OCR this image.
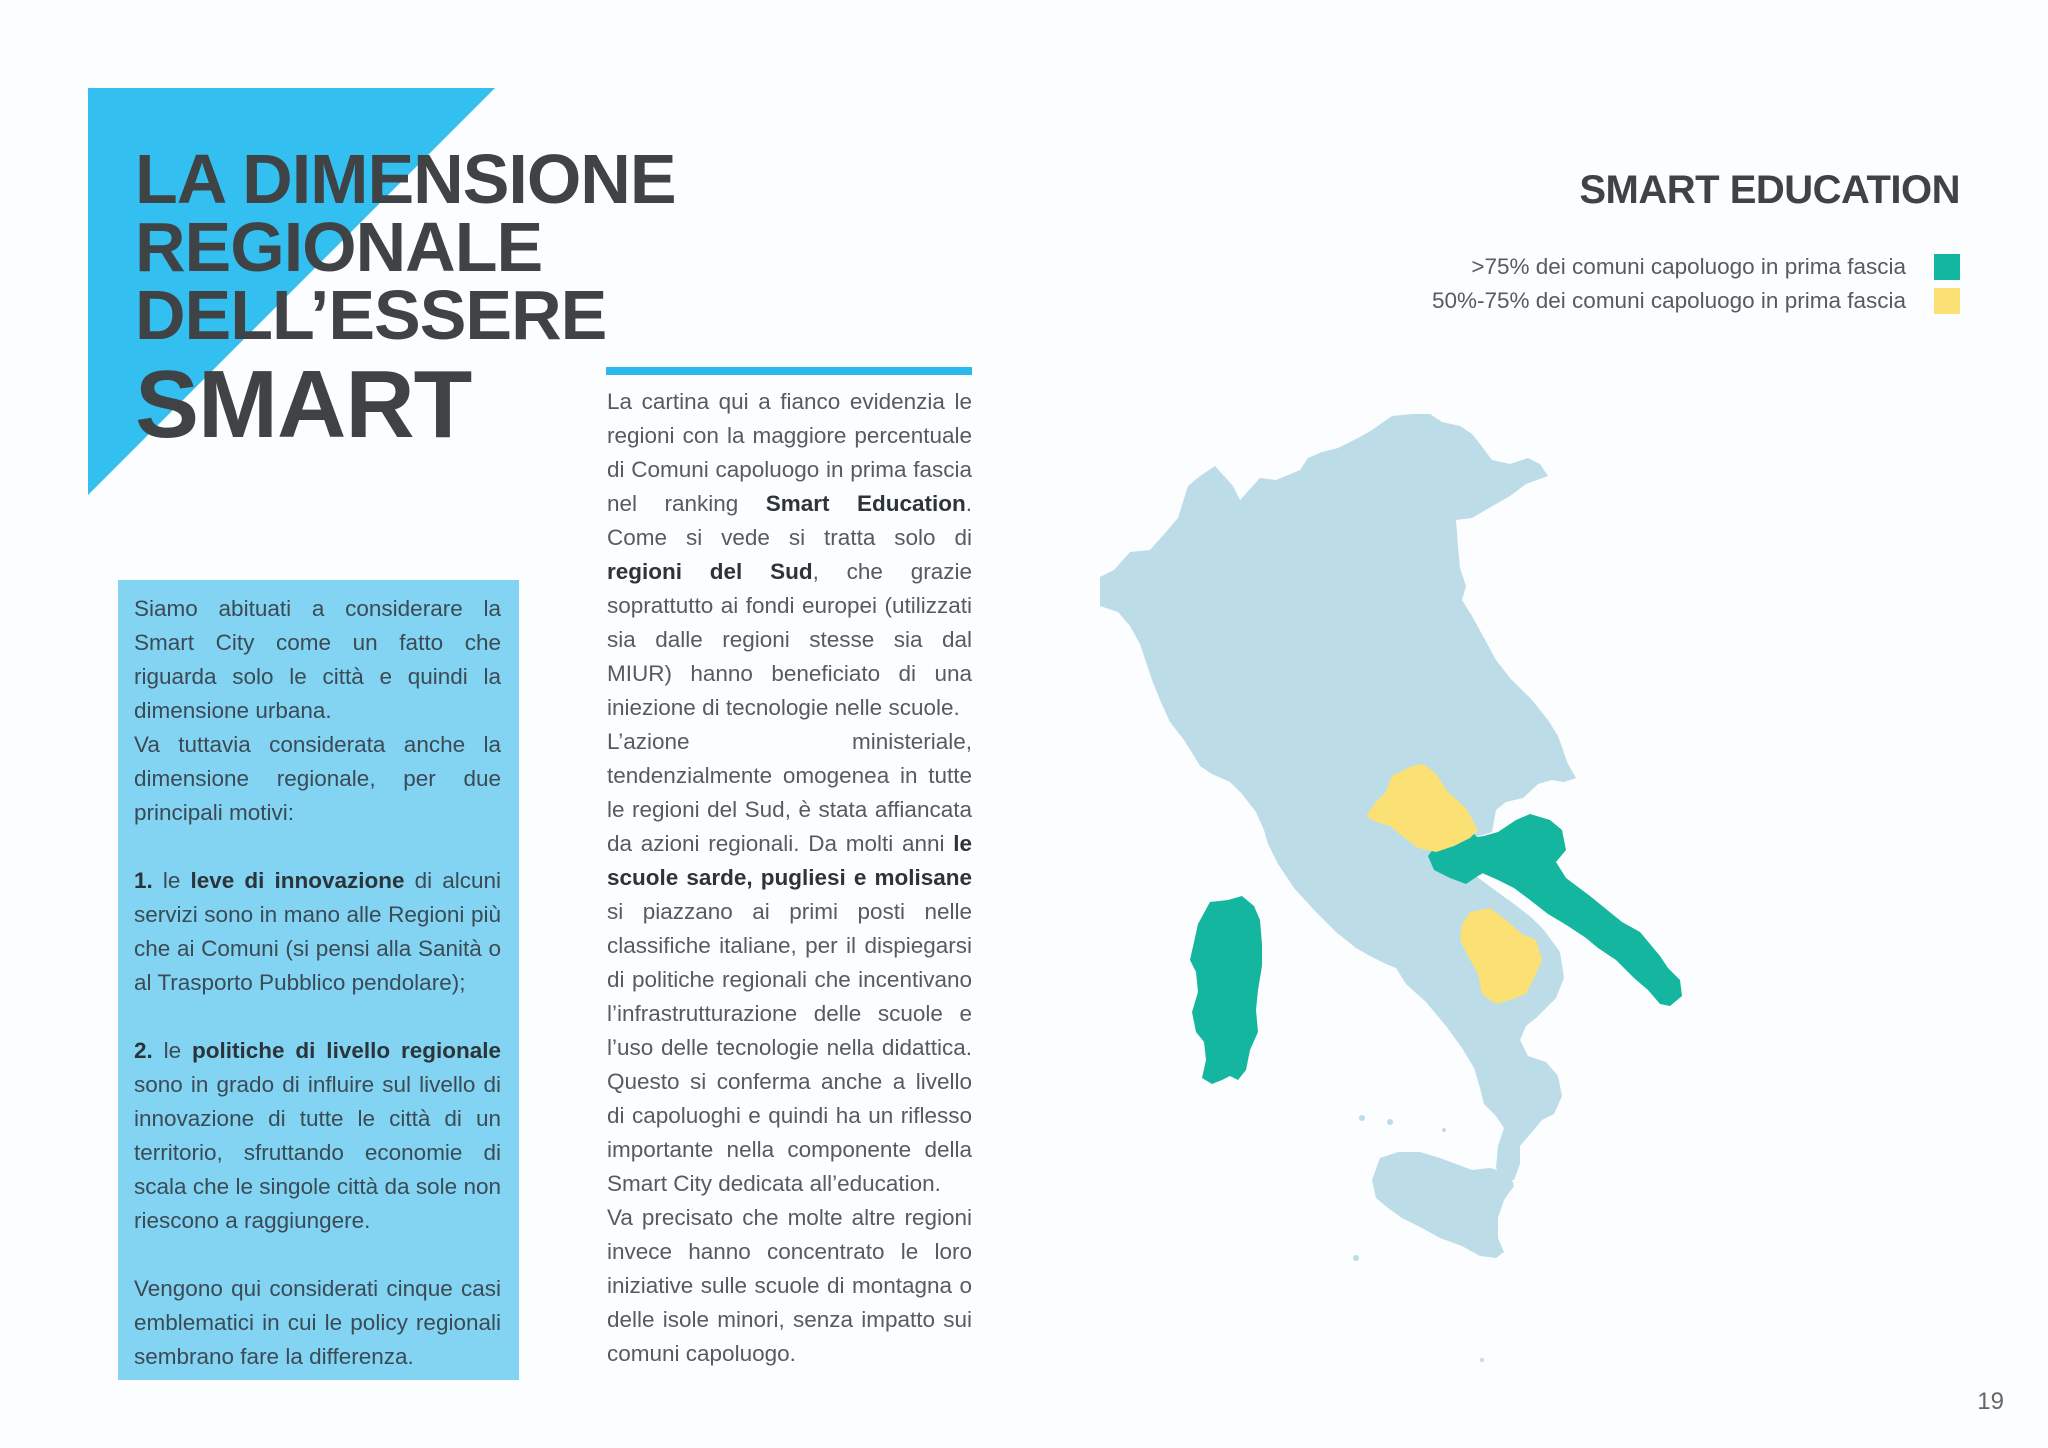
LA DIMENSIONE
REGIONALE
DELL’ESSERE
SMART

Siamo abituati a considerare la Smart City come un fatto che riguarda solo le città e quindi la dimensione urbana.

Va tuttavia considerata anche la dimensione regionale, per due principali motivi:

1. le leve di innovazione di alcuni servizi sono in mano alle Regioni più che ai Comuni (si pensi alla Sanità o al Trasporto Pubblico pendolare);

2. le politiche di livello regionale sono in grado di influire sul livello di innovazione di tutte le città di un territorio, sfruttando economie di scala che le singole città da sole non riescono a raggiungere.

Vengono qui considerati cinque casi emblematici in cui le policy regionali sembrano fare la differenza.

La cartina qui a fianco evidenzia le regioni con la maggiore percentuale di Comuni capoluogo in prima fascia nel ranking Smart Education. Come si vede si tratta solo di regioni del Sud, che grazie soprattutto ai fondi europei (utilizzati sia dalle regioni stesse sia dal MIUR) hanno beneficiato di una iniezione di tecnologie nelle scuole.

L’azione ministeriale, tendenzialmente omogenea in tutte le regioni del Sud, è stata affiancata da azioni regionali. Da molti anni le scuole sarde, pugliesi e molisane si piazzano ai primi posti nelle classifiche italiane, per il dispiegarsi di politiche regionali che incentivano l’infrastrutturazione delle scuole e l’uso delle tecnologie nella didattica. Questo si conferma anche a livello di capoluoghi e quindi ha un riflesso importante nella componente della Smart City dedicata all’education.

Va precisato che molte altre regioni invece hanno concentrato le loro iniziative sulle scuole di montagna o delle isole minori, senza impatto sui comuni capoluogo.

SMART EDUCATION
>75% dei comuni capoluogo in prima fascia
50%-75% dei comuni capoluogo in prima fascia
19
